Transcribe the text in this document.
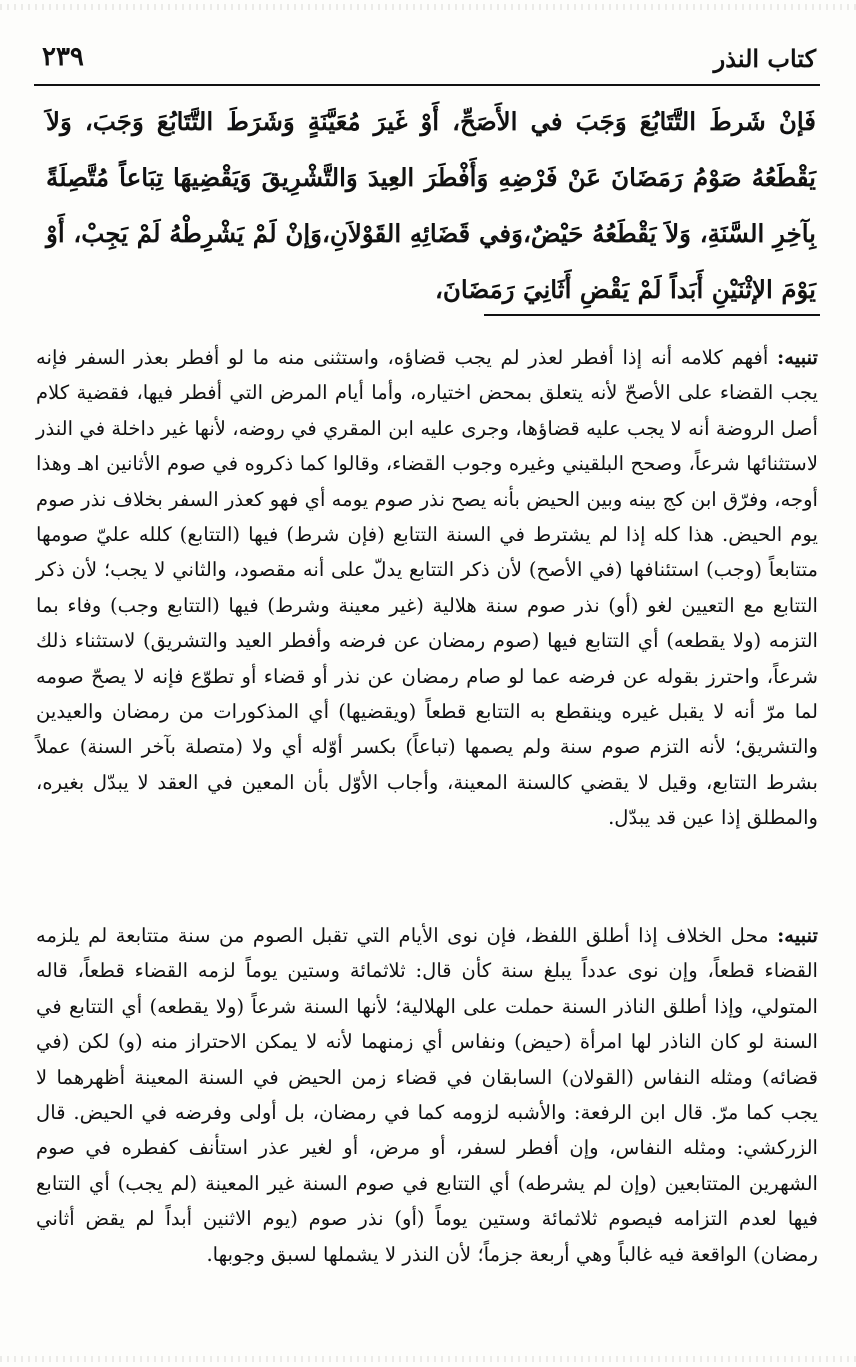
٢٣٩	كتاب النذر

فَإنْ شَرطَ التَّتَابُعَ وَجَبَ في الأَصَحِّ، أَوْ غَيرَ مُعَيَّنَةٍ وَشَرَطَ التَّتَابُعَ وَجَبَ، وَلاَ يَقْطَعُهُ صَوْمُ رَمَضَانَ عَنْ فَرْضِهِ وَأَفْطَرَ العِيدَ وَالتَّشْرِيقَ وَيَقْضِيهَا تِبَاعاً مُتَّصِلَةً بِآخِرِ السَّنَةِ، وَلاَ يَقْطَعُهُ حَيْضٌ،وَفي قَضَائِهِ القَوْلاَنِ،وَإنْ لَمْ يَشْرِطْهُ لَمْ يَجِبْ، أَوْ يَوْمَ الإثْنَيْنِ أَبَداً لَمْ يَقْضِ أَثَانِيَ رَمَضَانَ،

تنبيه: أفهم كلامه أنه إذا أفطر لعذر لم يجب قضاؤه، واستثنى منه ما لو أفطر بعذر السفر فإنه يجب القضاء على الأصحّ لأنه يتعلق بمحض اختياره، وأما أيام المرض التي أفطر فيها، فقضية كلام أصل الروضة أنه لا يجب عليه قضاؤها، وجرى عليه ابن المقري في روضه، لأنها غير داخلة في النذر لاستثنائها شرعاً، وصحح البلقيني وغيره وجوب القضاء، وقالوا كما ذكروه في صوم الأثانين اهـ وهذا أوجه، وفرّق ابن كج بينه وبين الحيض بأنه يصح نذر صوم يومه أي فهو كعذر السفر بخلاف نذر صوم يوم الحيض. هذا كله إذا لم يشترط في السنة التتابع (فإن شرط) فيها (التتابع) كلله عليّ صومها متتابعاً (وجب) استئنافها (في الأصح) لأن ذكر التتابع يدلّ على أنه مقصود، والثاني لا يجب؛ لأن ذكر التتابع مع التعيين لغو (أو) نذر صوم سنة هلالية (غير معينة وشرط) فيها (التتابع وجب) وفاء بما التزمه (ولا يقطعه) أي التتابع فيها (صوم رمضان عن فرضه وأفطر العيد والتشريق) لاستثناء ذلك شرعاً، واحترز بقوله عن فرضه عما لو صام رمضان عن نذر أو قضاء أو تطوّع فإنه لا يصحّ صومه لما مرّ أنه لا يقبل غيره وينقطع به التتابع قطعاً (ويقضيها) أي المذكورات من رمضان والعيدين والتشريق؛ لأنه التزم صوم سنة ولم يصمها (تباعاً) بكسر أوّله أي ولا (متصلة بآخر السنة) عملاً بشرط التتابع، وقيل لا يقضي كالسنة المعينة، وأجاب الأوّل بأن المعين في العقد لا يبدّل بغيره، والمطلق إذا عين قد يبدّل.

تنبيه: محل الخلاف إذا أطلق اللفظ، فإن نوى الأيام التي تقبل الصوم من سنة متتابعة لم يلزمه القضاء قطعاً، وإن نوى عدداً يبلغ سنة كأن قال: ثلاثمائة وستين يوماً لزمه القضاء قطعاً، قاله المتولي، وإذا أطلق الناذر السنة حملت على الهلالية؛ لأنها السنة شرعاً (ولا يقطعه) أي التتابع في السنة لو كان الناذر لها امرأة (حيض) ونفاس أي زمنهما لأنه لا يمكن الاحتراز منه (و) لكن (في قضائه) ومثله النفاس (القولان) السابقان في قضاء زمن الحيض في السنة المعينة أظهرهما لا يجب كما مرّ. قال ابن الرفعة: والأشبه لزومه كما في رمضان، بل أولى وفرضه في الحيض. قال الزركشي: ومثله النفاس، وإن أفطر لسفر، أو مرض، أو لغير عذر استأنف كفطره في صوم الشهرين المتتابعين (وإن لم يشرطه) أي التتابع في صوم السنة غير المعينة (لم يجب) أي التتابع فيها لعدم التزامه فيصوم ثلاثمائة وستين يوماً (أو) نذر صوم (يوم الاثنين أبداً لم يقض أثاني رمضان) الواقعة فيه غالباً وهي أربعة جزماً؛ لأن النذر لا يشملها لسبق وجوبها.
